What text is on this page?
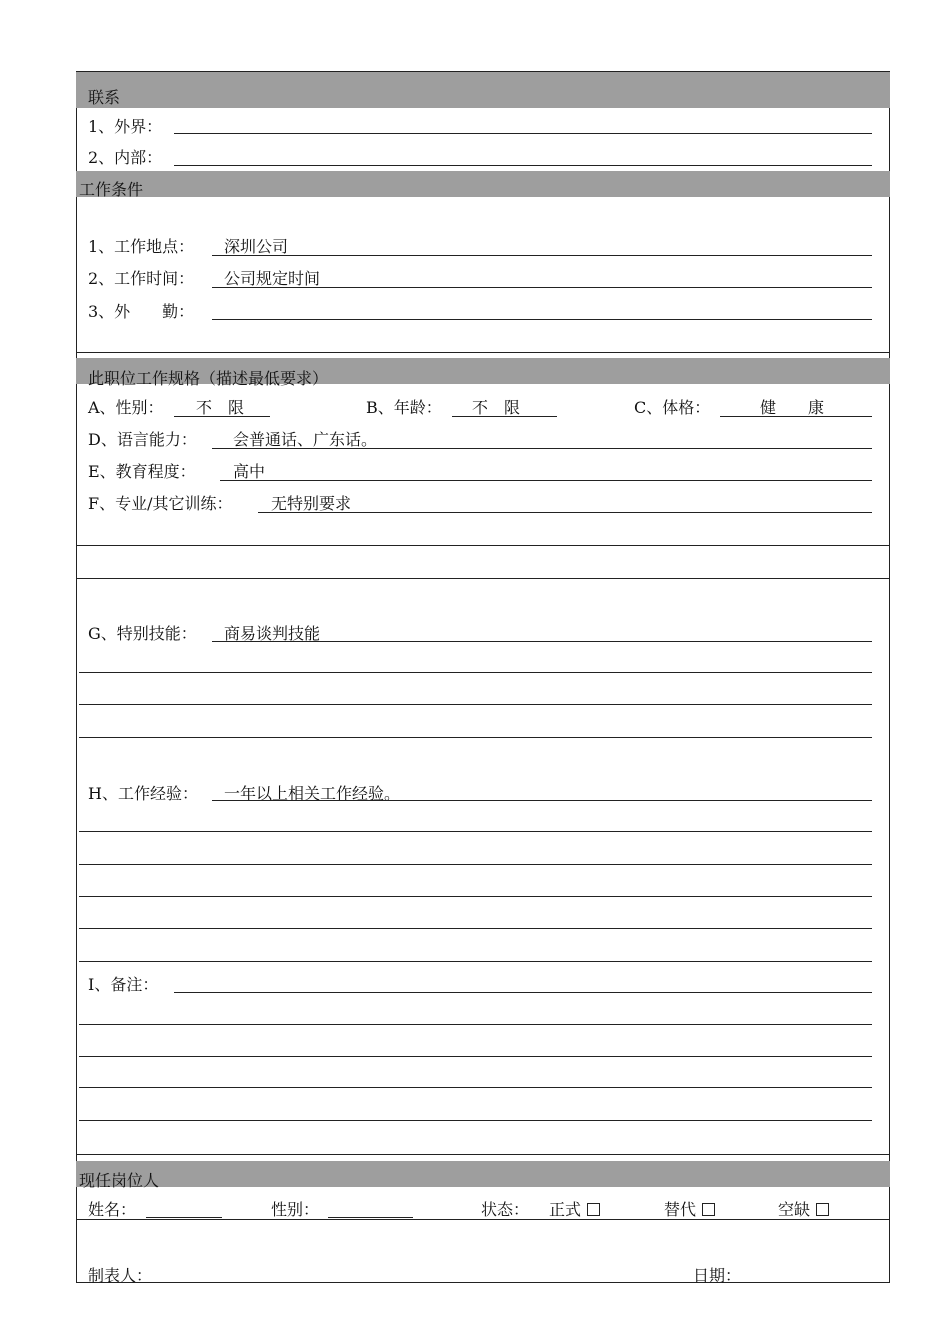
联系
1、外界：
2、内部：
工作条件
1、工作地点： 深圳公司
2、工作时间： 公司规定时间
3、外　　勤：
此职位工作规格（描述最低要求）
A、性别： 不　限	B、年龄： 不　限	C、体格：	健　　康
D、语言能力： 会普通话、广东话。
E、教育程度： 高中
F、专业/其它训练： 无特别要求
G、特别技能： 商易谈判技能
H、工作经验： 一年以上相关工作经验。
I、备注：
现任岗位人
姓名：	性别：	状态： 正式	替代	空缺
制表人：	日期：
